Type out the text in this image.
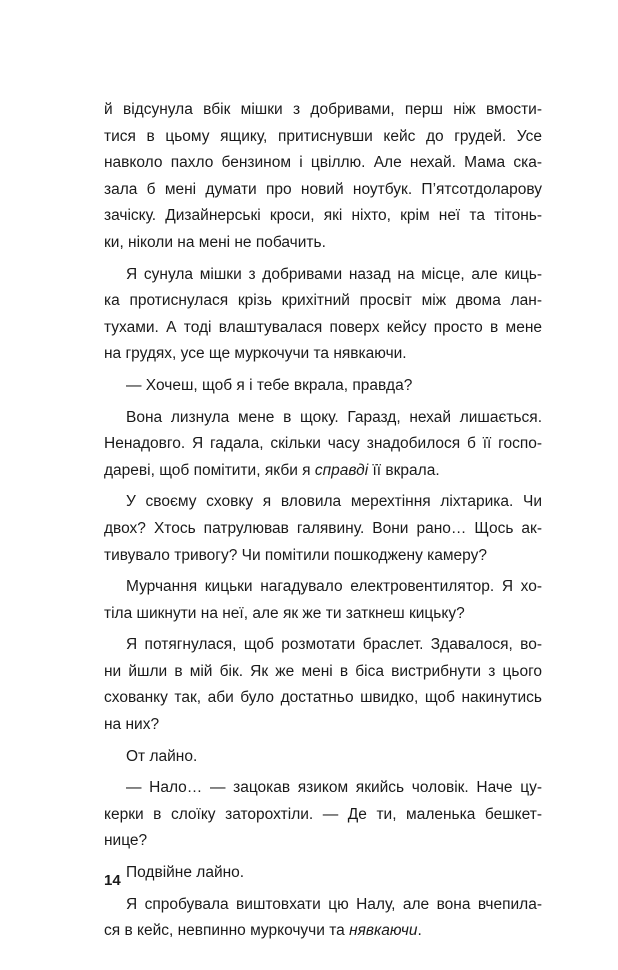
й відсунула вбік мішки з добривами, перш ніж вмости-
тися в цьому ящику, притиснувши кейс до грудей. Усе
навколо пахло бензином і цвіллю. Але нехай. Мама ска-
зала б мені думати про новий ноутбук. П’ятсотдоларову
зачіску. Дизайнерські кроси, які ніхто, крім неї та тітонь-
ки, ніколи на мені не побачить.
Я сунула мішки з добривами назад на місце, але киць-
ка протиснулася крізь крихітний просвіт між двома лан-
тухами. А тоді влаштувалася поверх кейсу просто в мене
на грудях, усе ще муркочучи та нявкаючи.
— Хочеш, щоб я і тебе вкрала, правда?
Вона лизнула мене в щоку. Гаразд, нехай лишається.
Ненадовго. Я гадала, скільки часу знадобилося б її госпо-
дареві, щоб помітити, якби я справді її вкрала.
У своєму сховку я вловила мерехтіння ліхтарика. Чи
двох? Хтось патрулював галявину. Вони рано… Щось ак-
тивувало тривогу? Чи помітили пошкоджену камеру?
Мурчання кицьки нагадувало електровентилятор. Я хо-
тіла шикнути на неї, але як же ти заткнеш кицьку?
Я потягнулася, щоб розмотати браслет. Здавалося, во-
ни йшли в мій бік. Як же мені в біса вистрибнути з цього
схованку так, аби було достатньо швидко, щоб накинутись
на них?
От лайно.
— Нало… — зацокав язиком якийсь чоловік. Наче цу-
керки в слоїку заторохтіли. — Де ти, маленька бешкет-
нице?
Подвійне лайно.
Я спробувала виштовхати цю Налу, але вона вчепила-
ся в кейс, невпинно муркочучи та нявкаючи.
14
